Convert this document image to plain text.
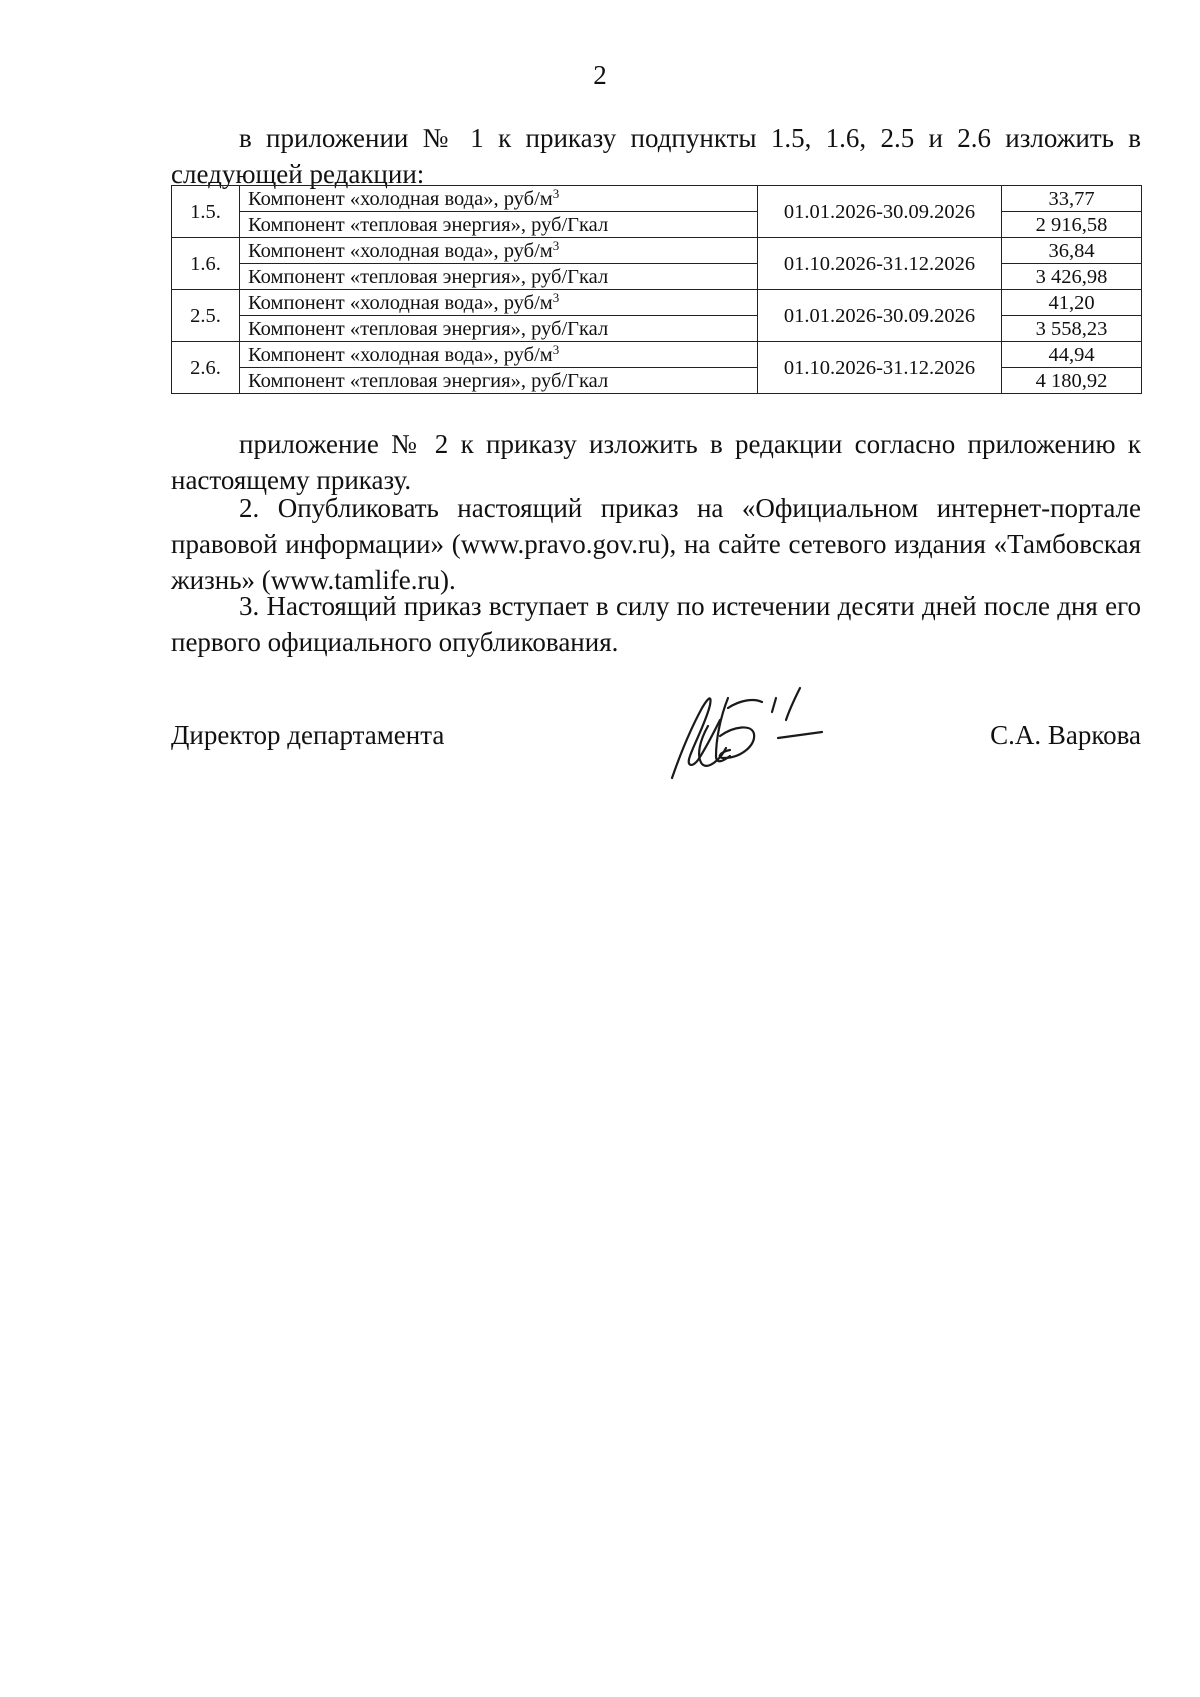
2

в приложении № 1 к приказу подпункты 1.5, 1.6, 2.5 и 2.6 изложить в следующей редакции:

1.5.	Компонент «холодная вода», руб/$м^3$	01.01.2026-30.09.2026	33,77
	Компонент «тепловая энергия», руб/Гкал		2 916,58
1.6.	Компонент «холодная вода», руб/$м^3$	01.10.2026-31.12.2026	36,84
	Компонент «тепловая энергия», руб/Гкал		3 426,98
2.5.	Компонент «холодная вода», руб/$м^3$	01.01.2026-30.09.2026	41,20
	Компонент «тепловая энергия», руб/Гкал		3 558,23
2.6.	Компонент «холодная вода», руб/$м^3$	01.10.2026-31.12.2026	44,94
	Компонент «тепловая энергия», руб/Гкал		4 180,92

приложение № 2 к приказу изложить в редакции согласно приложению к настоящему приказу.

2. Опубликовать настоящий приказ на «Официальном интернет-портале правовой информации» (www.pravo.gov.ru), на сайте сетевого издания «Тамбовская жизнь» (www.tamlife.ru).

3. Настоящий приказ вступает в силу по истечении десяти дней после дня его первого официального опубликования.

Директор департамента	С.А. Варкова
